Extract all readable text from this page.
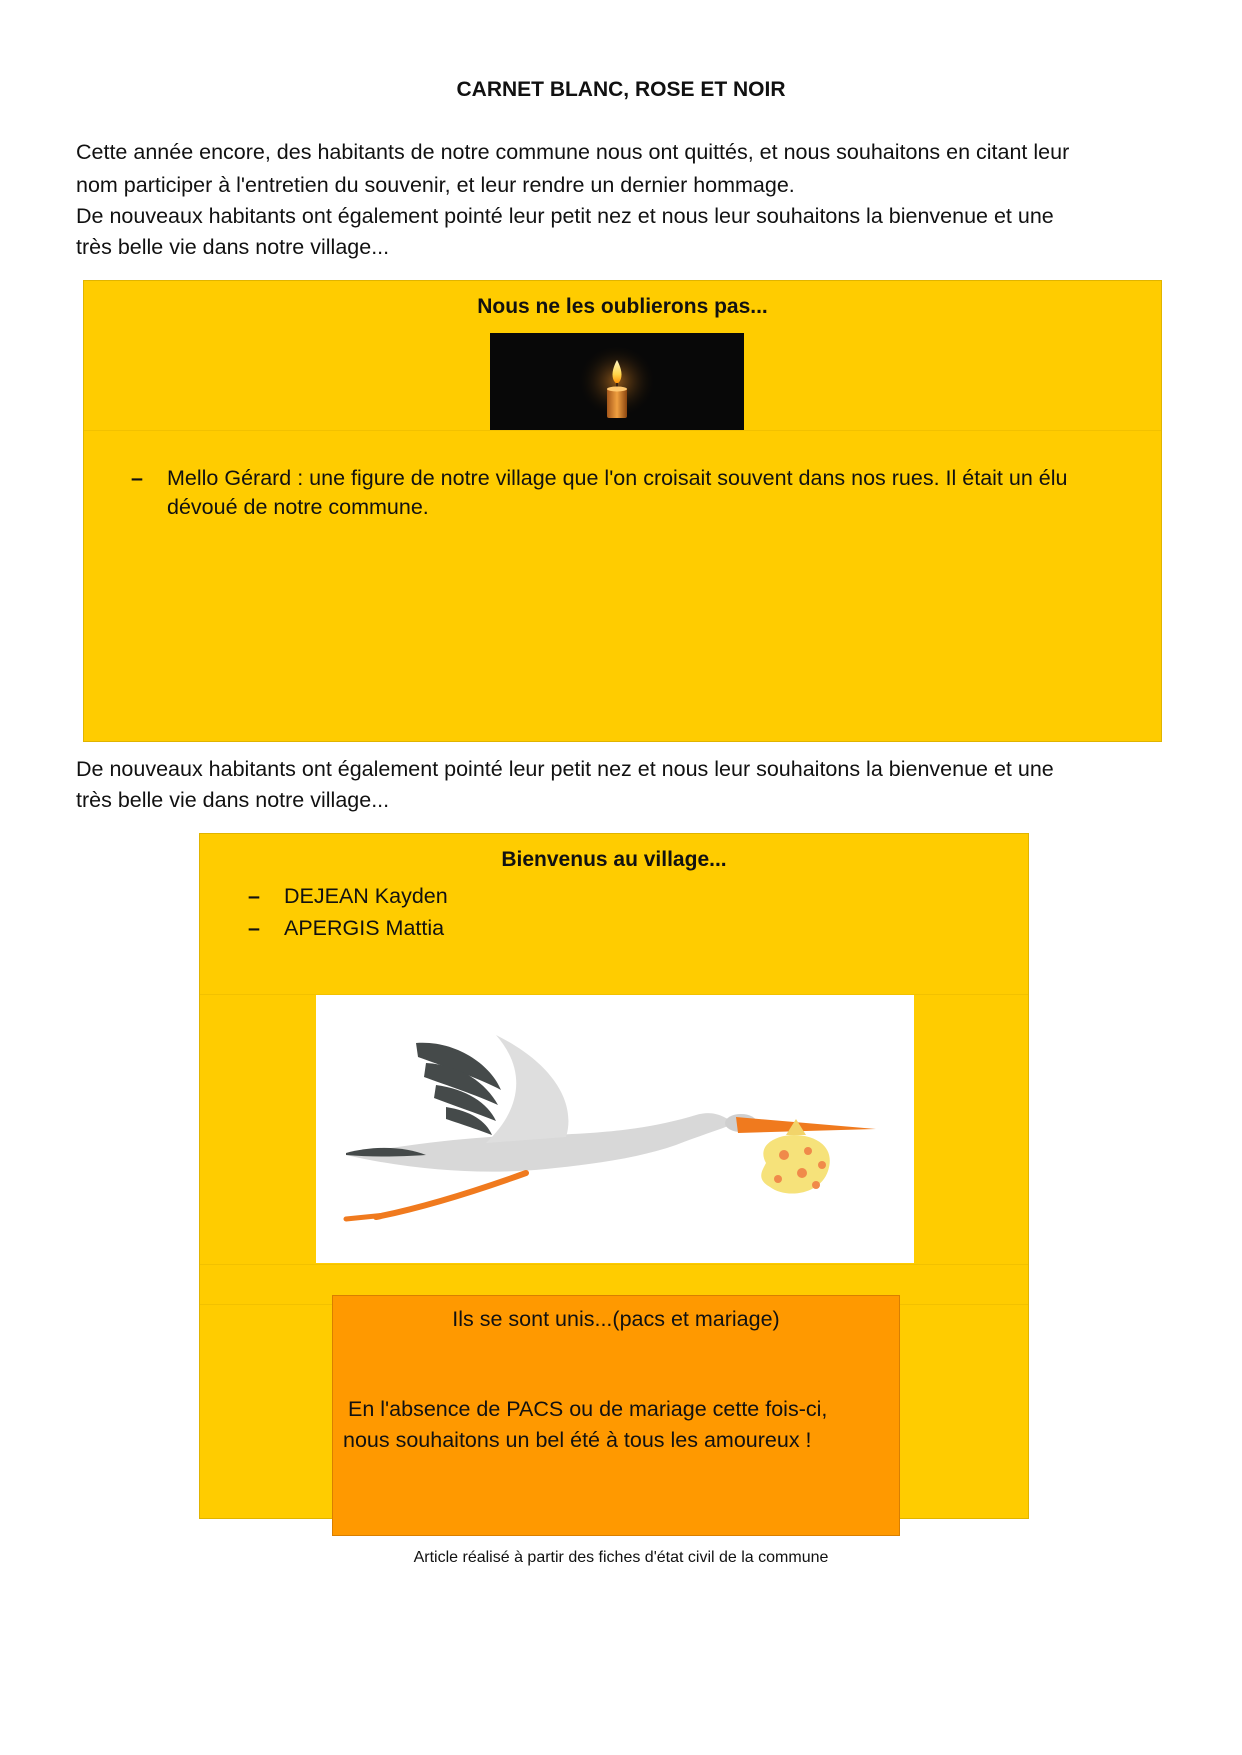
CARNET BLANC, ROSE ET NOIR

Cette année encore, des habitants de notre commune nous ont quittés, et nous souhaitons en citant leur

nom participer à l'entretien du souvenir, et leur rendre un dernier hommage.

De nouveaux habitants ont également pointé leur petit nez et nous leur souhaitons la bienvenue et une

très belle vie dans notre village...

Nous ne les oublierons pas...
– Mello Gérard : une figure de notre village que l'on croisait souvent dans nos rues. Il était un élu dévoué de notre commune.
De nouveaux habitants ont également pointé leur petit nez et nous leur souhaitons la bienvenue et une
très belle vie dans notre village...
Bienvenus au village...
– DEJEAN Kayden
– APERGIS Mattia
Ils se sont unis...(pacs et mariage)

En l'absence de PACS ou de mariage cette fois-ci,

nous souhaitons un bel été à tous les amoureux !

Article réalisé à partir des fiches d'état civil de la commune
